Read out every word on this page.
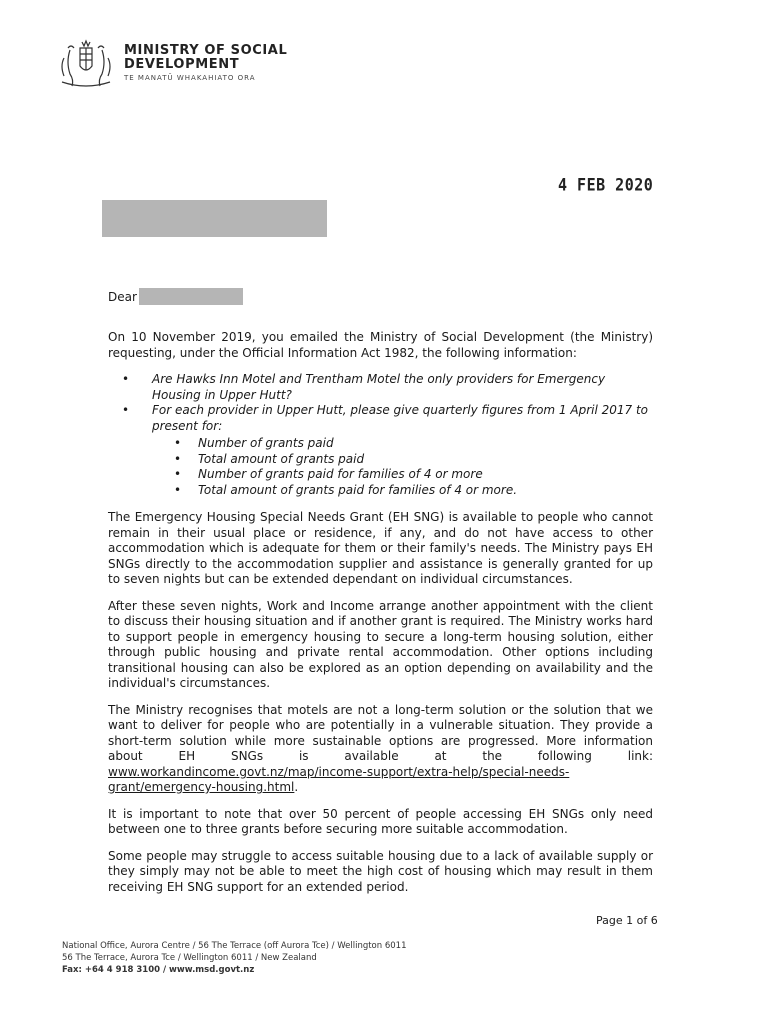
MINISTRY OF SOCIAL
DEVELOPMENT
TE MANATŪ WHAKAHIATO ORA
4 FEB 2020
Dear

On 10 November 2019, you emailed the Ministry of Social Development (the Ministry) requesting, under the Official Information Act 1982, the following information:

• Are Hawks Inn Motel and Trentham Motel the only providers for Emergency Housing in Upper Hutt?
• For each provider in Upper Hutt, please give quarterly figures from 1 April 2017 to present for:
• Number of grants paid
• Total amount of grants paid
• Number of grants paid for families of 4 or more
• Total amount of grants paid for families of 4 or more.

The Emergency Housing Special Needs Grant (EH SNG) is available to people who cannot remain in their usual place or residence, if any, and do not have access to other accommodation which is adequate for them or their family's needs. The Ministry pays EH SNGs directly to the accommodation supplier and assistance is generally granted for up to seven nights but can be extended dependant on individual circumstances.

After these seven nights, Work and Income arrange another appointment with the client to discuss their housing situation and if another grant is required. The Ministry works hard to support people in emergency housing to secure a long-term housing solution, either through public housing and private rental accommodation. Other options including transitional housing can also be explored as an option depending on availability and the individual's circumstances.

The Ministry recognises that motels are not a long-term solution or the solution that we want to deliver for people who are potentially in a vulnerable situation. They provide a short-term solution while more sustainable options are progressed. More information about EH SNGs is available at the following link: www.workandincome.govt.nz/map/income-support/extra-help/special-needs-grant/emergency-housing.html.

It is important to note that over 50 percent of people accessing EH SNGs only need between one to three grants before securing more suitable accommodation.

Some people may struggle to access suitable housing due to a lack of available supply or they simply may not be able to meet the high cost of housing which may result in them receiving EH SNG support for an extended period.

Page 1 of 6
National Office, Aurora Centre / 56 The Terrace (off Aurora Tce) / Wellington 6011
56 The Terrace, Aurora Tce / Wellington 6011 / New Zealand
Fax: +64 4 918 3100 / www.msd.govt.nz
